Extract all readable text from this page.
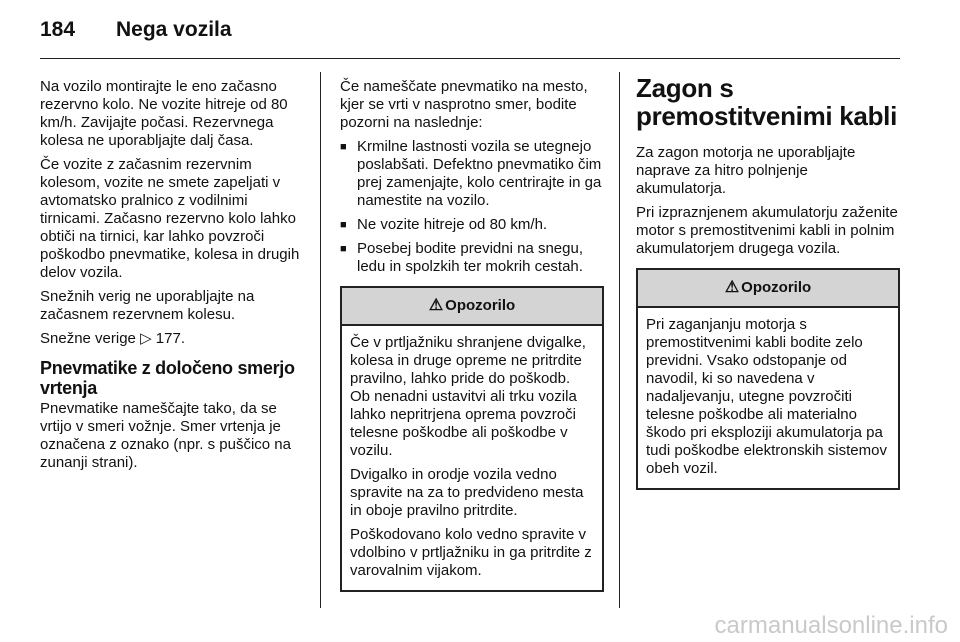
184 Nega vozila

Na vozilo montirajte le eno začasno rezervno kolo. Ne vozite hitreje od 80 km/h. Zavijajte počasi. Rezervnega kolesa ne uporabljajte dalj časa.

Če vozite z začasnim rezervnim kolesom, vozite ne smete zapeljati v avtomatsko pralnico z vodilnimi tirnicami. Začasno rezervno kolo lahko obtiči na tirnici, kar lahko povzroči poškodbo pnevmatike, kolesa in drugih delov vozila.

Snežnih verig ne uporabljajte na začasnem rezervnem kolesu.

Snežne verige ▷ 177.

Pnevmatike z določeno smerjo vrtenja

Pnevmatike nameščajte tako, da se vrtijo v smeri vožnje. Smer vrtenja je označena z oznako (npr. s puščico na zunanji strani).

Če nameščate pnevmatiko na mesto, kjer se vrti v nasprotno smer, bodite pozorni na naslednje:

■ Krmilne lastnosti vozila se utegnejo poslabšati. Defektno pnevmatiko čim prej zamenjajte, kolo centrirajte in ga namestite na vozilo.
■ Ne vozite hitreje od 80 km/h.
■ Posebej bodite previdni na snegu, ledu in spolzkih ter mokrih cestah.
⚠ Opozorilo

Če v prtljažniku shranjene dvigalke, kolesa in druge opreme ne pritrdite pravilno, lahko pride do poškodb. Ob nenadni ustavitvi ali trku vozila lahko nepritrjena oprema povzroči telesne poškodbe ali poškodbe v vozilu.

Dvigalko in orodje vozila vedno spravite na za to predvideno mesta in oboje pravilno pritrdite.

Poškodovano kolo vedno spravite v vdolbino v prtljažniku in ga pritrdite z varovalnim vijakom.

Zagon s premostitvenimi kabli

Za zagon motorja ne uporabljajte naprave za hitro polnjenje akumulatorja.

Pri izpraznjenem akumulatorju zaženite motor s premostitvenimi kabli in polnim akumulatorjem drugega vozila.

⚠ Opozorilo

Pri zaganjanju motorja s premostitvenimi kabli bodite zelo previdni. Vsako odstopanje od navodil, ki so navedena v nadaljevanju, utegne povzročiti telesne poškodbe ali materialno škodo pri eksploziji akumulatorja pa tudi poškodbe elektronskih sistemov obeh vozil.

carmanualsonline.info
